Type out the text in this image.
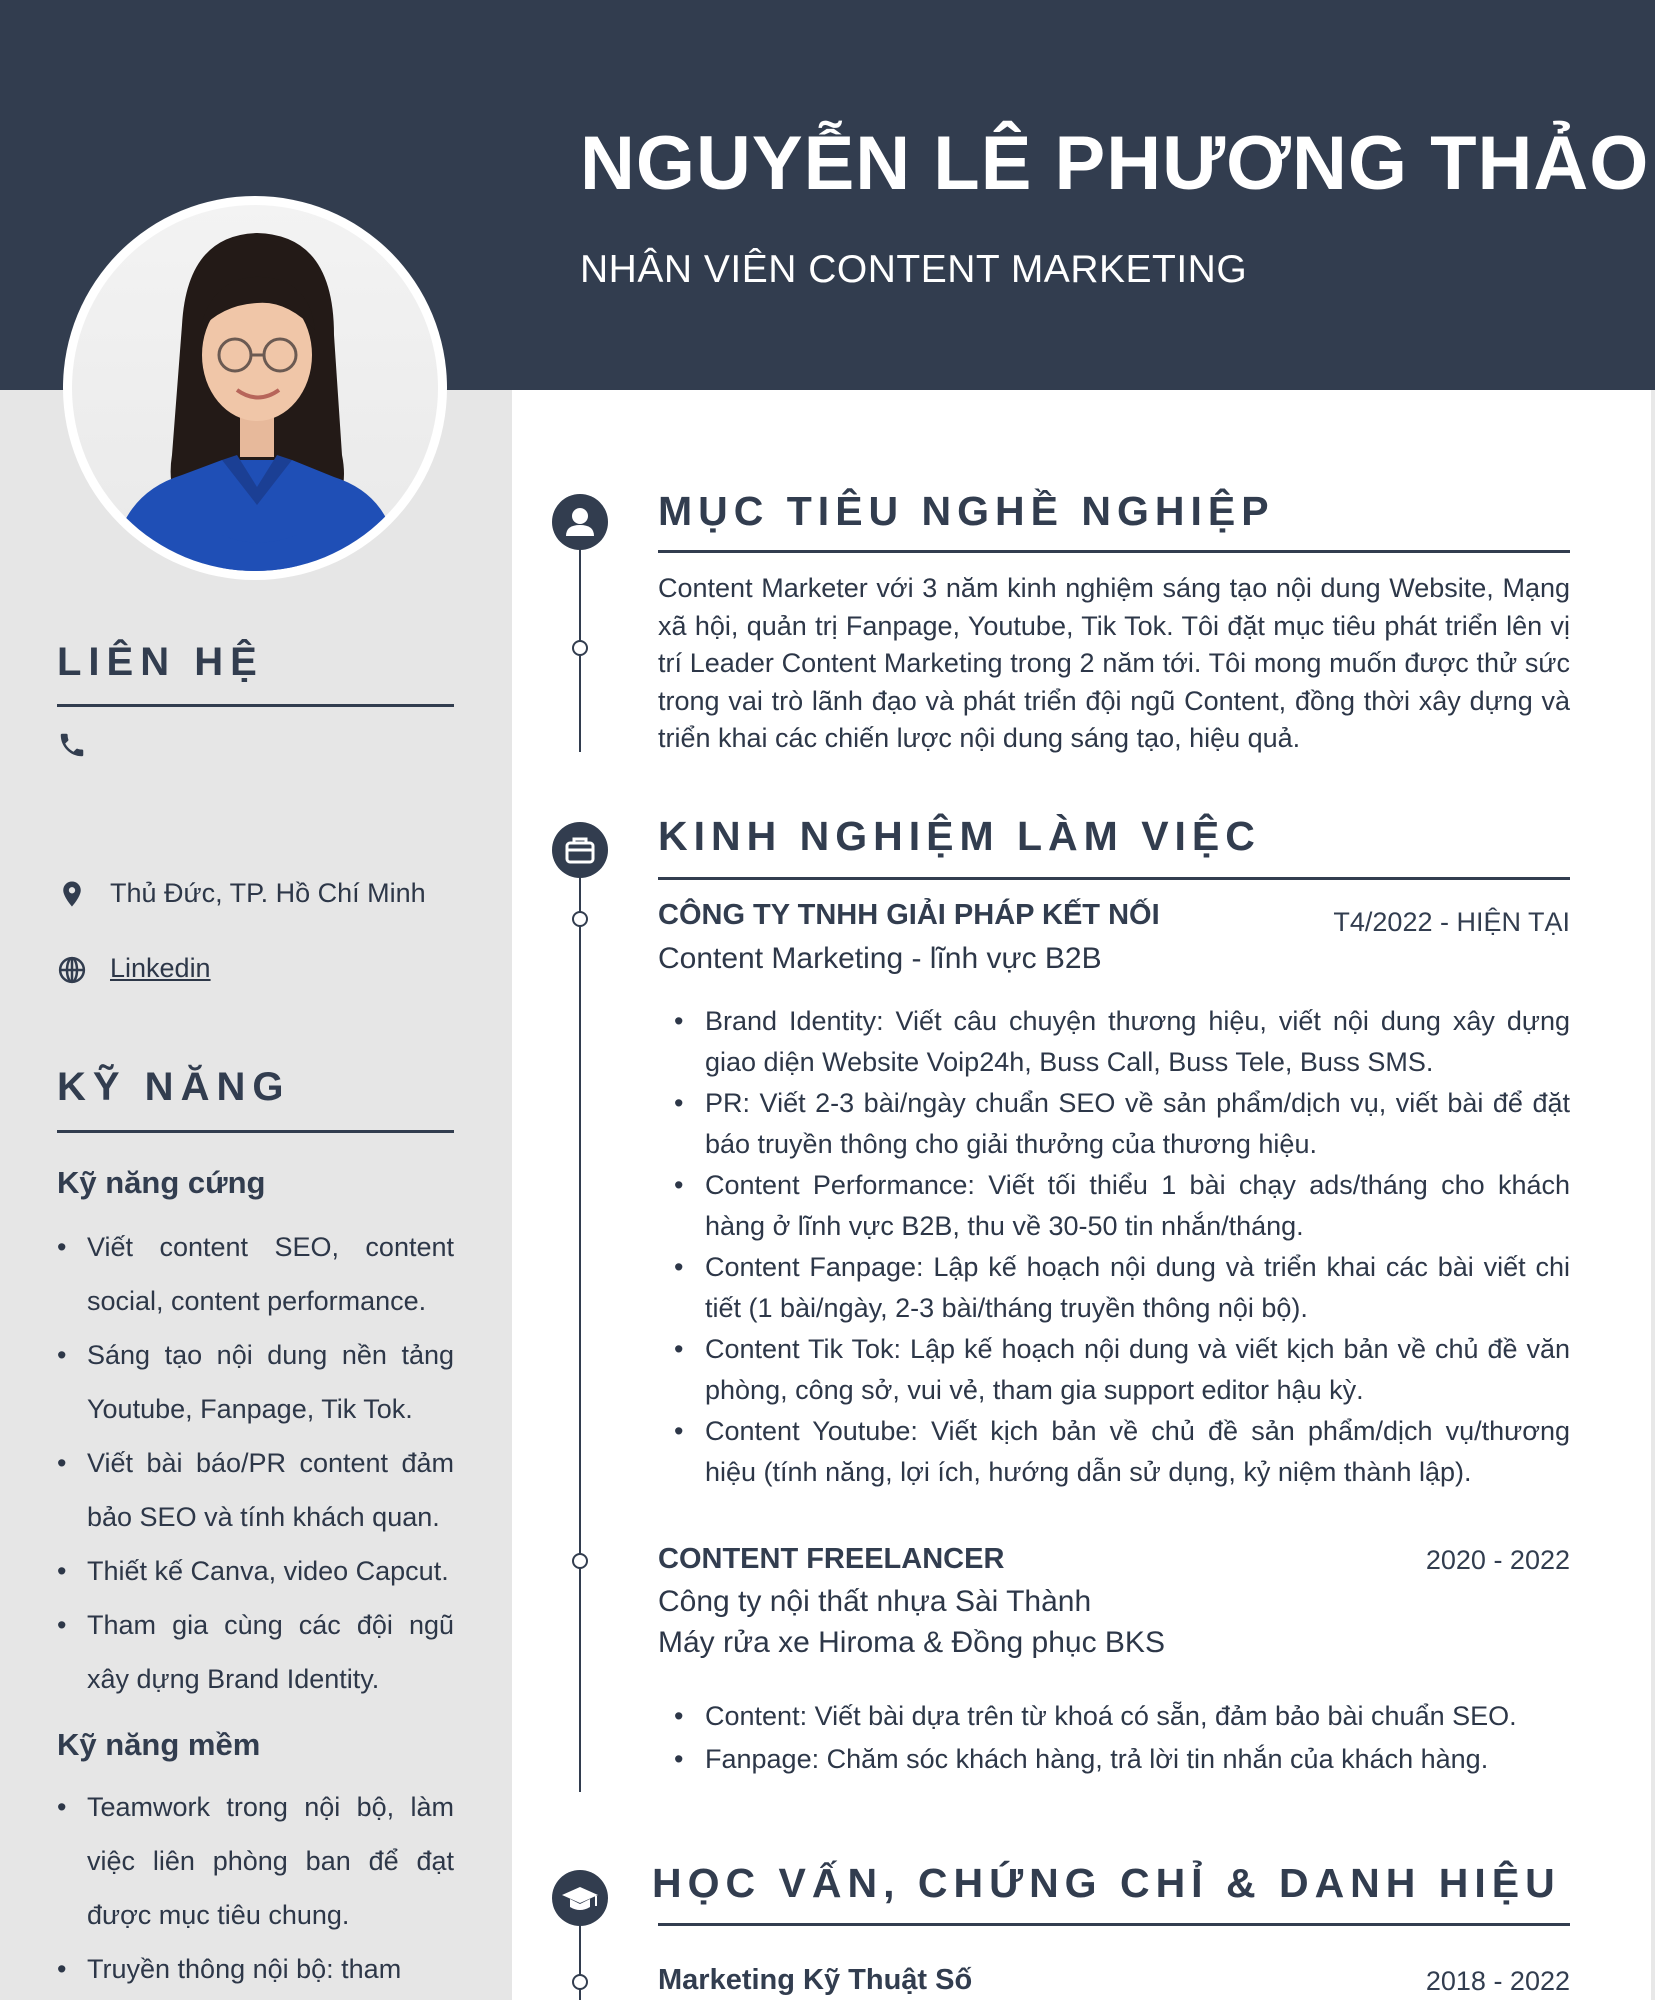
NGUYỄN LÊ PHƯƠNG THẢO
NHÂN VIÊN CONTENT MARKETING
LIÊN HỆ
Thủ Đức, TP. Hồ Chí Minh
Linkedin
KỸ NĂNG
Kỹ năng cứng
• Viết content SEO, content social, content performance.
• Sáng tạo nội dung nền tảng Youtube, Fanpage, Tik Tok.
• Viết bài báo/PR content đảm bảo SEO và tính khách quan.
• Thiết kế Canva, video Capcut.
• Tham gia cùng các đội ngũ xây dựng Brand Identity.
Kỹ năng mềm
• Teamwork trong nội bộ, làm việc liên phòng ban để đạt được mục tiêu chung.
• Truyền thông nội bộ: tham
MỤC TIÊU NGHỀ NGHIỆP

Content Marketer với 3 năm kinh nghiệm sáng tạo nội dung Website, Mạng xã hội, quản trị Fanpage, Youtube, Tik Tok. Tôi đặt mục tiêu phát triển lên vị trí Leader Content Marketing trong 2 năm tới. Tôi mong muốn được thử sức trong vai trò lãnh đạo và phát triển đội ngũ Content, đồng thời xây dựng và triển khai các chiến lược nội dung sáng tạo, hiệu quả.

KINH NGHIỆM LÀM VIỆC
CÔNG TY TNHH GIẢI PHÁP KẾT NỐI	T4/2022 - HIỆN TẠI
Content Marketing - lĩnh vực B2B
• Brand Identity: Viết câu chuyện thương hiệu, viết nội dung xây dựng giao diện Website Voip24h, Buss Call, Buss Tele, Buss SMS.
• PR: Viết 2-3 bài/ngày chuẩn SEO về sản phẩm/dịch vụ, viết bài để đặt báo truyền thông cho giải thưởng của thương hiệu.
• Content Performance: Viết tối thiểu 1 bài chạy ads/tháng cho khách hàng ở lĩnh vực B2B, thu về 30-50 tin nhắn/tháng.
• Content Fanpage: Lập kế hoạch nội dung và triển khai các bài viết chi tiết (1 bài/ngày, 2-3 bài/tháng truyền thông nội bộ).
• Content Tik Tok: Lập kế hoạch nội dung và viết kịch bản về chủ đề văn phòng, công sở, vui vẻ, tham gia support editor hậu kỳ.
• Content Youtube: Viết kịch bản về chủ đề sản phẩm/dịch vụ/thương hiệu (tính năng, lợi ích, hướng dẫn sử dụng, kỷ niệm thành lập).
CONTENT FREELANCER	2020 - 2022
Công ty nội thất nhựa Sài Thành
Máy rửa xe Hiroma & Đồng phục BKS
• Content: Viết bài dựa trên từ khoá có sẵn, đảm bảo bài chuẩn SEO.
• Fanpage: Chăm sóc khách hàng, trả lời tin nhắn của khách hàng.
HỌC VẤN, CHỨNG CHỈ & DANH HIỆU
Marketing Kỹ Thuật Số	2018 - 2022
